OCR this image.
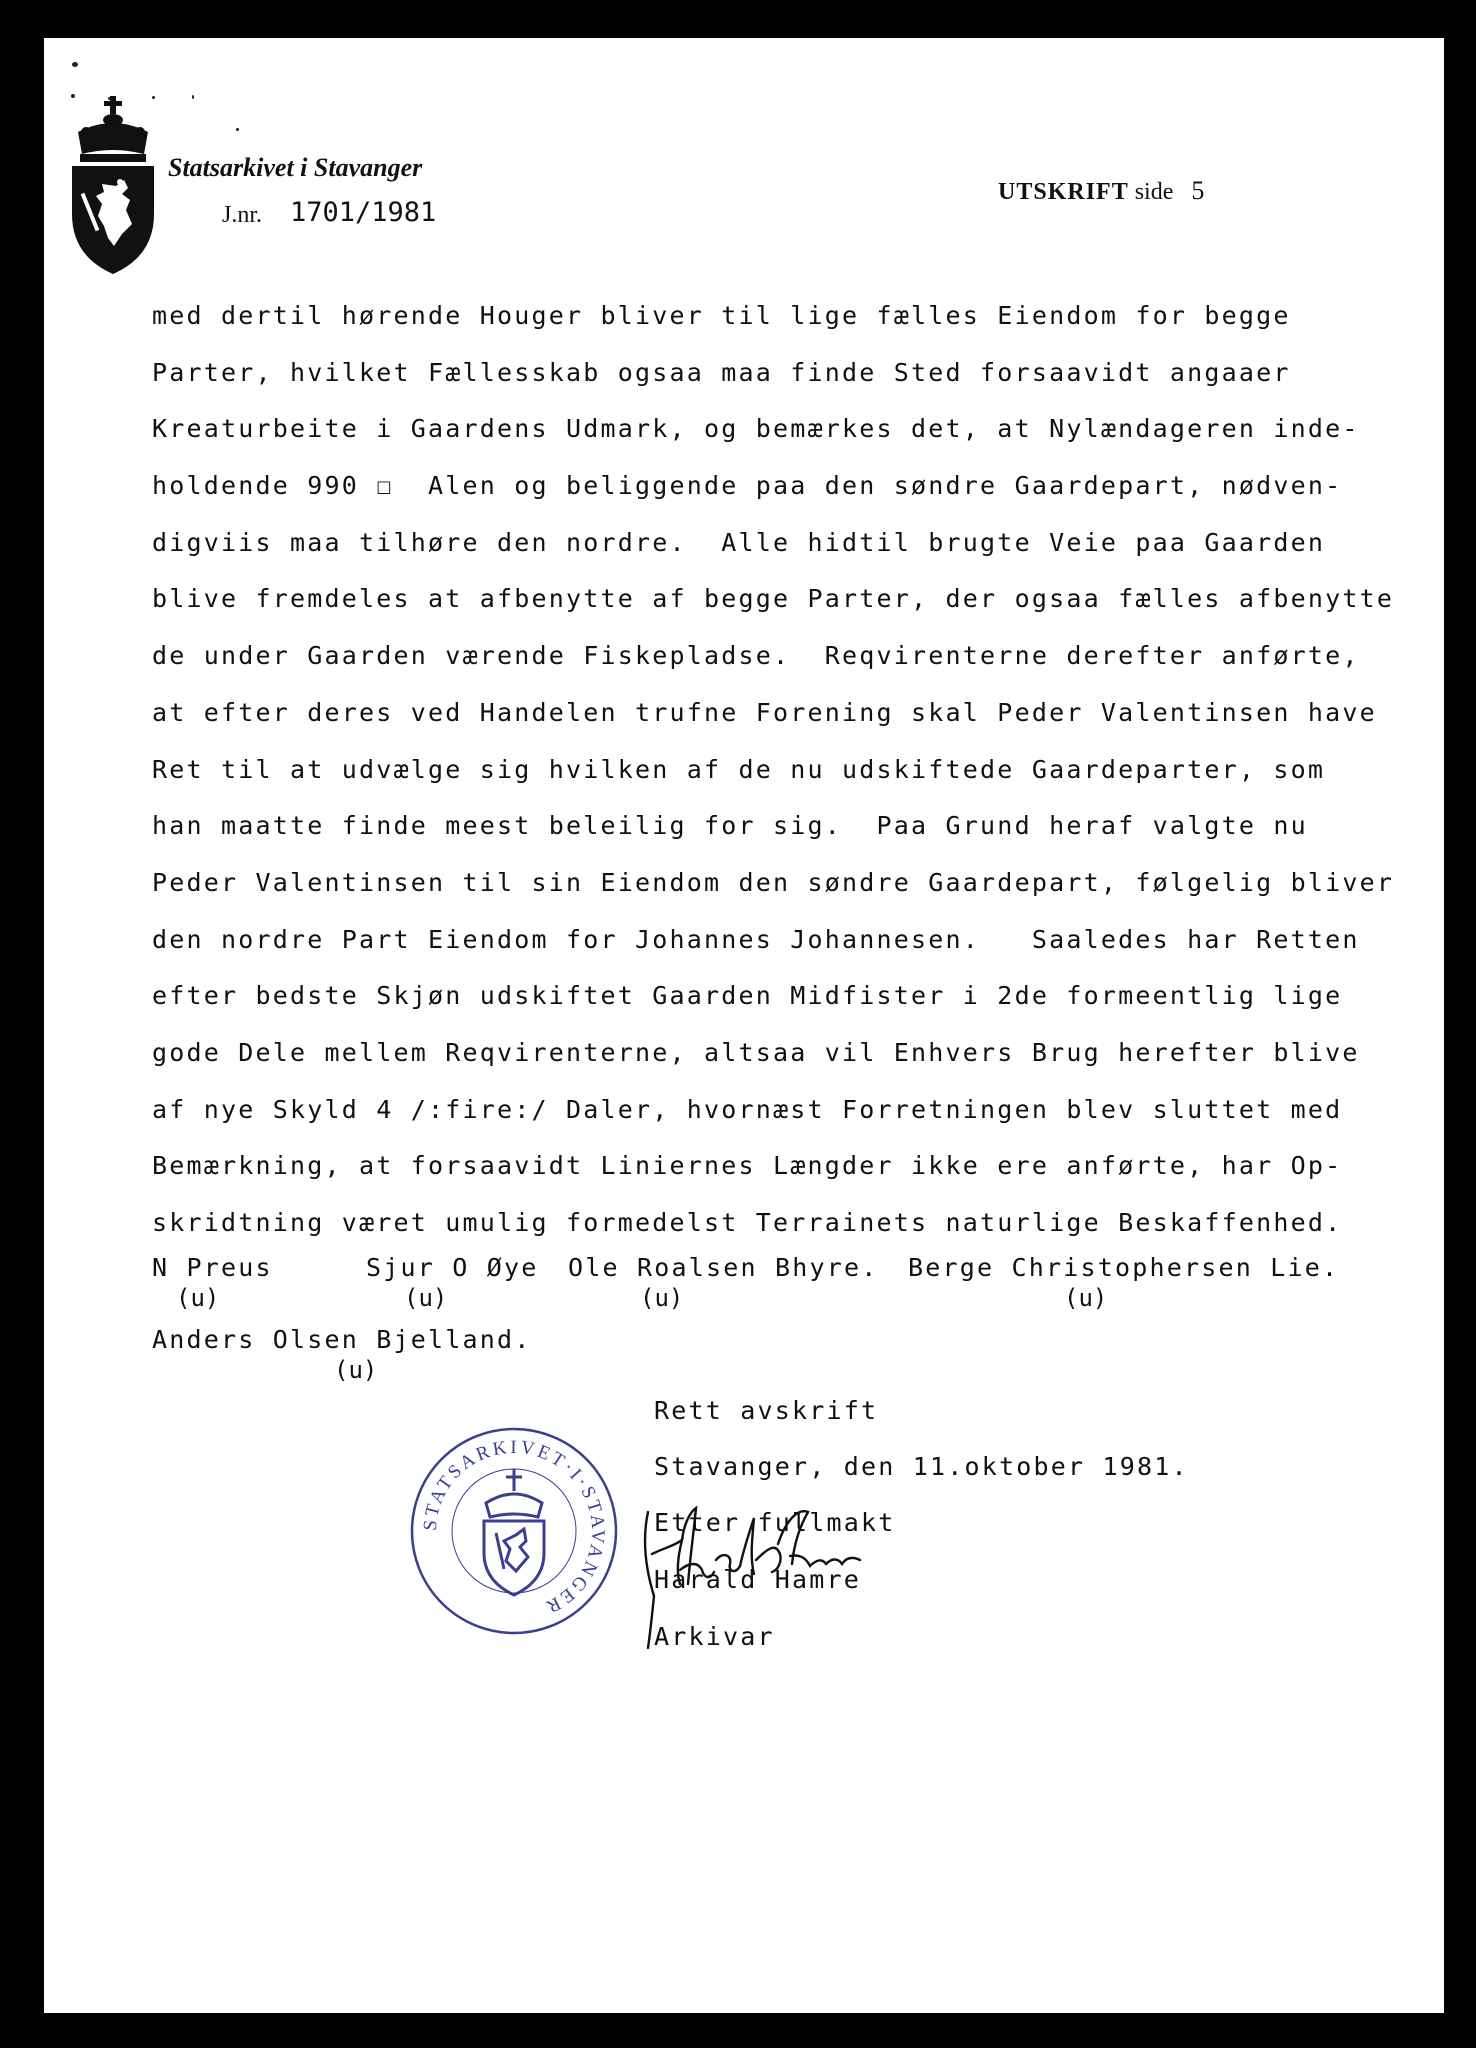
Statsarkivet i Stavanger
J.nr. 1701/1981
UTSKRIFT side 5
med dertil hørende Houger bliver til lige fælles Eiendom for begge
Parter, hvilket Fællesskab ogsaa maa finde Sted forsaavidt angaaer
Kreaturbeite i Gaardens Udmark, og bemærkes det, at Nylændageren inde-
holdende 990 ☐  Alen og beliggende paa den søndre Gaardepart, nødven-
digviis maa tilhøre den nordre.  Alle hidtil brugte Veie paa Gaarden
blive fremdeles at afbenytte af begge Parter, der ogsaa fælles afbenytte
de under Gaarden værende Fiskepladse.  Reqvirenterne derefter anførte,
at efter deres ved Handelen trufne Forening skal Peder Valentinsen have
Ret til at udvælge sig hvilken af de nu udskiftede Gaardeparter, som
han maatte finde meest beleilig for sig.  Paa Grund heraf valgte nu
Peder Valentinsen til sin Eiendom den søndre Gaardepart, følgelig bliver
den nordre Part Eiendom for Johannes Johannesen.   Saaledes har Retten
efter bedste Skjøn udskiftet Gaarden Midfister i 2de formeentlig lige
gode Dele mellem Reqvirenterne, altsaa vil Enhvers Brug herefter blive
af nye Skyld 4 /:fire:/ Daler, hvornæst Forretningen blev sluttet med
Bemærkning, at forsaavidt Liniernes Længder ikke ere anførte, har Op-
skridtning været umulig formedelst Terrainets naturlige Beskaffenhed.
N Preus
(u)
Sjur O Øye
(u)
Ole Roalsen Bhyre.
(u)
Berge Christophersen Lie.
(u)
Anders Olsen Bjelland.
(u)
STATSARKIVET·I·STAVANGER
Rett avskrift
Stavanger, den 11.oktober 1981.
Etter fullmakt
Harald Hamre
Arkivar
